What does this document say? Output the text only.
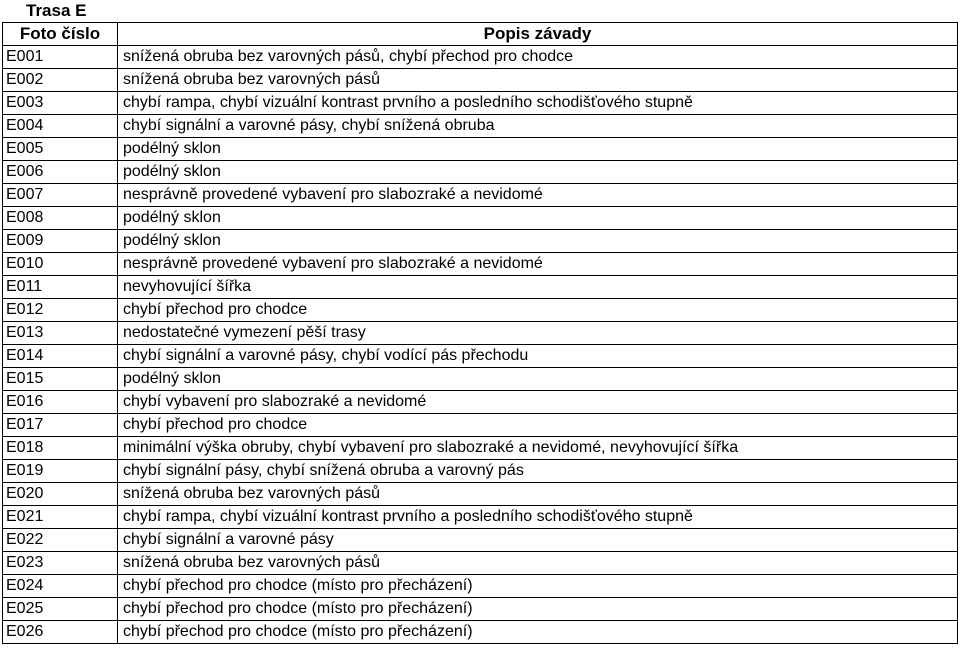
Trasa E
Foto číslo	Popis závady
E001	snížená obruba bez varovných pásů, chybí přechod pro chodce
E002	snížená obruba bez varovných pásů
E003	chybí rampa, chybí vizuální kontrast prvního a posledního schodišťového stupně
E004	chybí signální a varovné pásy, chybí snížená obruba
E005	podélný sklon
E006	podélný sklon
E007	nesprávně provedené vybavení pro slabozraké a nevidomé
E008	podélný sklon
E009	podélný sklon
E010	nesprávně provedené vybavení pro slabozraké a nevidomé
E011	nevyhovující šířka
E012	chybí přechod pro chodce
E013	nedostatečné vymezení pěší trasy
E014	chybí signální a varovné pásy, chybí vodící pás přechodu
E015	podélný sklon
E016	chybí vybavení pro slabozraké a nevidomé
E017	chybí přechod pro chodce
E018	minimální výška obruby, chybí vybavení pro slabozraké a nevidomé, nevyhovující šířka
E019	chybí signální pásy, chybí snížená obruba a varovný pás
E020	snížená obruba bez varovných pásů
E021	chybí rampa, chybí vizuální kontrast prvního a posledního schodišťového stupně
E022	chybí signální a varovné pásy
E023	snížená obruba bez varovných pásů
E024	chybí přechod pro chodce (místo pro přecházení)
E025	chybí přechod pro chodce (místo pro přecházení)
E026	chybí přechod pro chodce (místo pro přecházení)
